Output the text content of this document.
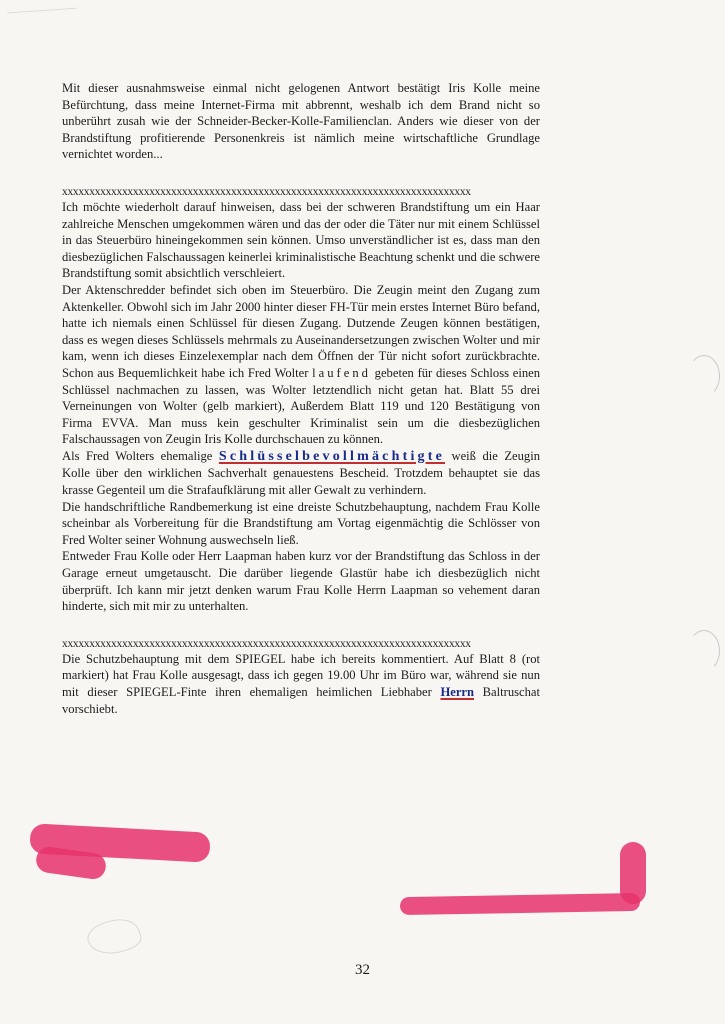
Mit dieser ausnahmsweise einmal nicht gelogenen Antwort bestätigt Iris Kolle meine Befürchtung, dass meine Internet-Firma mit abbrennt, weshalb ich dem Brand nicht so unberührt zusah wie der Schneider-Becker-Kolle-Familienclan. Anders wie dieser von der Brandstiftung profitierende Personenkreis ist nämlich meine wirtschaftliche Grundlage vernichtet worden...

xxxxxxxxxxxxxxxxxxxxxxxxxxxxxxxxxxxxxxxxxxxxxxxxxxxxxxxxxxxxxxxxxxxxxxxxxxx

Ich möchte wiederholt darauf hinweisen, dass bei der schweren Brandstiftung um ein Haar zahlreiche Menschen umgekommen wären und das der oder die Täter nur mit einem Schlüssel in das Steuerbüro hineingekommen sein können. Umso unverständlicher ist es, dass man den diesbezüglichen Falschaussagen keinerlei kriminalistische Beachtung schenkt und die schwere Brandstiftung somit absichtlich verschleiert.

Der Aktenschredder befindet sich oben im Steuerbüro. Die Zeugin meint den Zugang zum Aktenkeller. Obwohl sich im Jahr 2000 hinter dieser FH-Tür mein erstes Internet Büro befand, hatte ich niemals einen Schlüssel für diesen Zugang. Dutzende Zeugen können bestätigen, dass es wegen dieses Schlüssels mehrmals zu Auseinandersetzungen zwischen Wolter und mir kam, wenn ich dieses Einzelexemplar nach dem Öffnen der Tür nicht sofort zurückbrachte. Schon aus Bequemlichkeit habe ich Fred Wolter laufend gebeten für dieses Schloss einen Schlüssel nachmachen zu lassen, was Wolter letztendlich nicht getan hat. Blatt 55 drei Verneinungen von Wolter (gelb markiert), Außerdem Blatt 119 und 120 Bestätigung von Firma EVVA. Man muss kein geschulter Kriminalist sein um die diesbezüglichen Falschaussagen von Zeugin Iris Kolle durchschauen zu können.

Als Fred Wolters ehemalige Schlüsselbevollmächtigte weiß die Zeugin Kolle über den wirklichen Sachverhalt genauestens Bescheid. Trotzdem behauptet sie das krasse Gegenteil um die Strafaufklärung mit aller Gewalt zu verhindern.

Die handschriftliche Randbemerkung ist eine dreiste Schutzbehauptung, nachdem Frau Kolle scheinbar als Vorbereitung für die Brandstiftung am Vortag eigenmächtig die Schlösser von Fred Wolter seiner Wohnung auswechseln ließ.

Entweder Frau Kolle oder Herr Laapman haben kurz vor der Brandstiftung das Schloss in der Garage erneut umgetauscht. Die darüber liegende Glastür habe ich diesbezüglich nicht überprüft. Ich kann mir jetzt denken warum Frau Kolle Herrn Laapman so vehement daran hinderte, sich mit mir zu unterhalten.

xxxxxxxxxxxxxxxxxxxxxxxxxxxxxxxxxxxxxxxxxxxxxxxxxxxxxxxxxxxxxxxxxxxxxxxxxxx

Die Schutzbehauptung mit dem SPIEGEL habe ich bereits kommentiert. Auf Blatt 8 (rot markiert) hat Frau Kolle ausgesagt, dass ich gegen 19.00 Uhr im Büro war, während sie nun mit dieser SPIEGEL-Finte ihren ehemaligen heimlichen Liebhaber Herrn Baltruschat vorschiebt.

32
